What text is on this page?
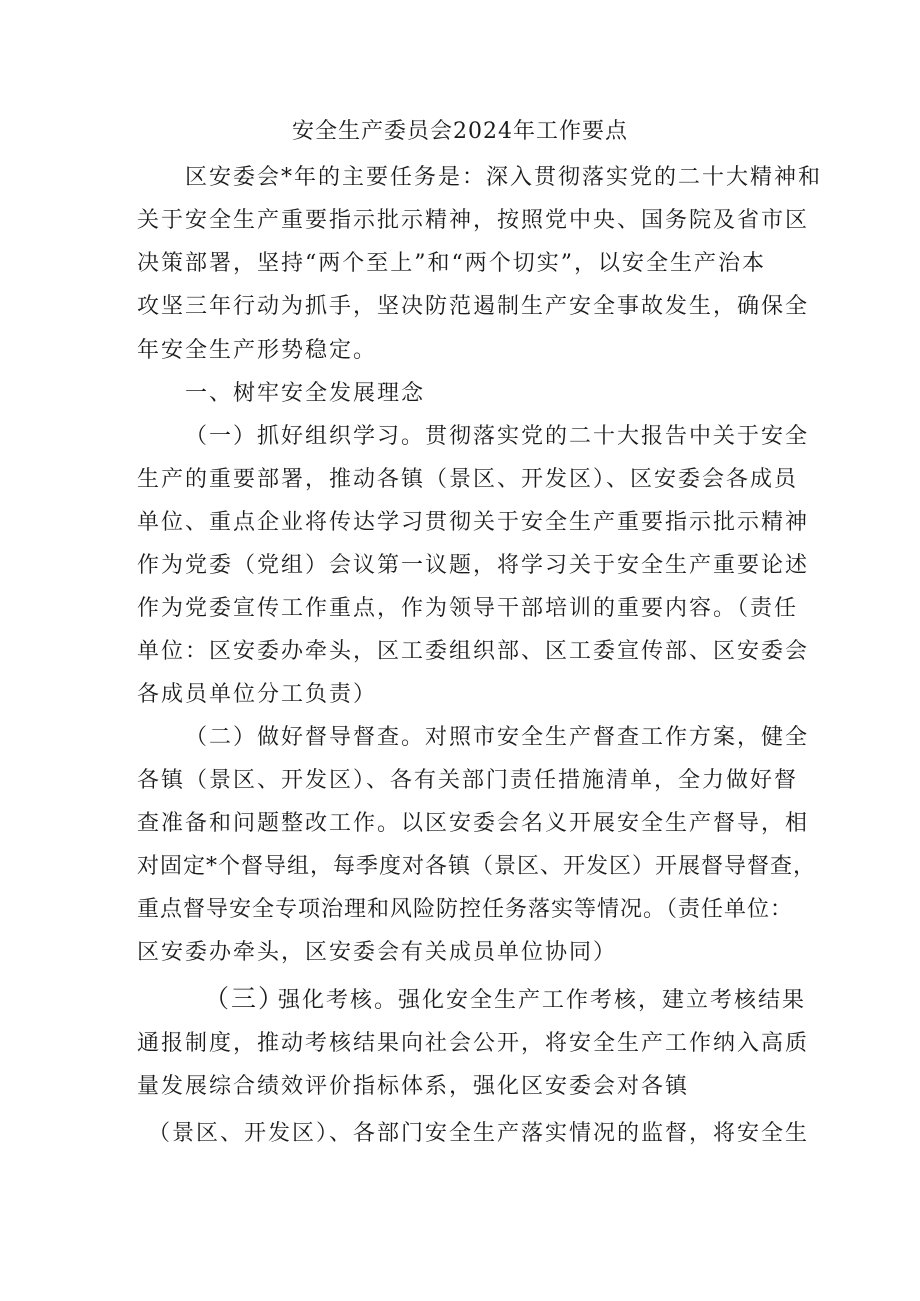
安全生产委员会2024年工作要点
区安委会*年的主要任务是：深入贯彻落实党的二十大精神和
关于安全生产重要指示批示精神，按照党中央、国务院及省市区
决策部署，坚持“两个至上”和“两个切实”，以安全生产治本
攻坚三年行动为抓手，坚决防范遏制生产安全事故发生，确保全
年安全生产形势稳定。
一、树牢安全发展理念
（一）抓好组织学习。贯彻落实党的二十大报告中关于安全
生产的重要部署，推动各镇（景区、开发区）、区安委会各成员
单位、重点企业将传达学习贯彻关于安全生产重要指示批示精神
作为党委（党组）会议第一议题，将学习关于安全生产重要论述
作为党委宣传工作重点，作为领导干部培训的重要内容。（责任
单位：区安委办牵头，区工委组织部、区工委宣传部、区安委会
各成员单位分工负责）
（二）做好督导督查。对照市安全生产督查工作方案，健全
各镇（景区、开发区）、各有关部门责任措施清单，全力做好督
查准备和问题整改工作。以区安委会名义开展安全生产督导，相
对固定*个督导组，每季度对各镇（景区、开发区）开展督导督查，
重点督导安全专项治理和风险防控任务落实等情况。（责任单位：
区安委办牵头，区安委会有关成员单位协同）
（三）
强化考核。强化安全生产工作考核，建立考核结果
通报制度，推动考核结果向社会公开，将安全生产工作纳入高质
量发展综合绩效评价指标体系，强化区安委会对各镇
（景区、开发区）、各部门安全生产落实情况的监督，将安全生
